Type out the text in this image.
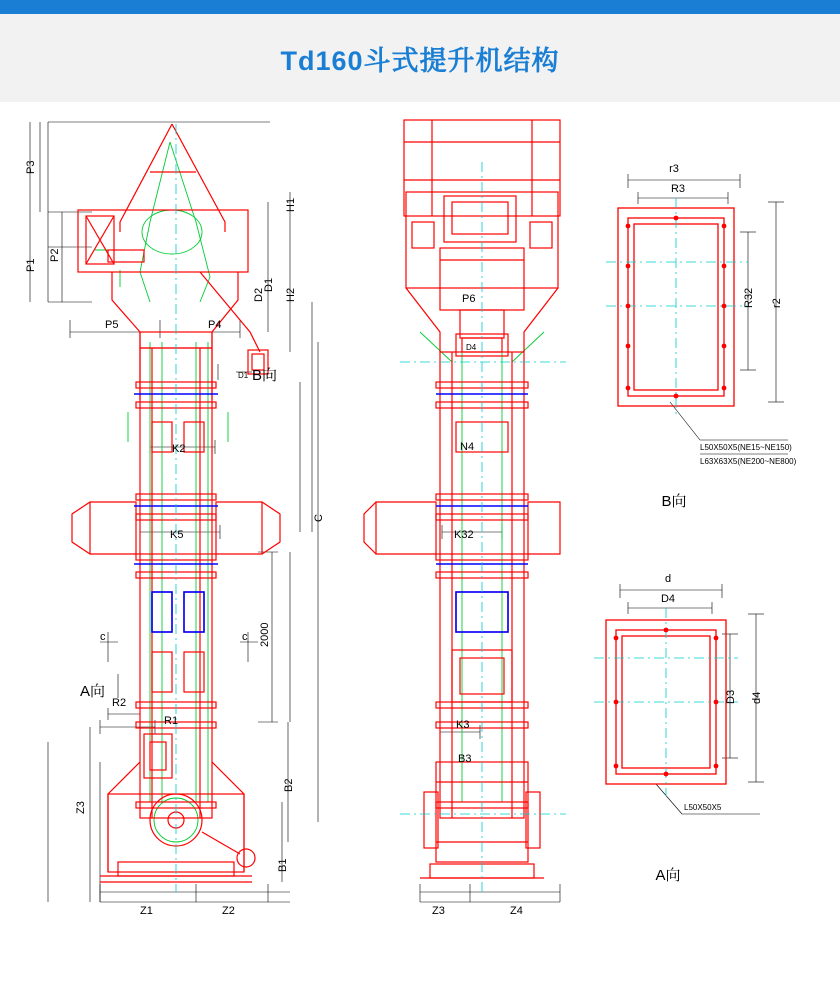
Td160斗式提升机结构
P3
P1
P2
P5	P4
H1
H2
D1
D2
D1
K2
K5
C
2000
c	c
A向
B向
R2
R1
Z3
Z1	Z2
B2
B1
P6
D4
N4
K32
K3
B3
Z3	Z4
r3
R3
R32 r2
L50X50X5(NE15~NE150)
L63X63X5(NE200~NE800)
B向
d
D4
D3 d4
L50X50X5
A向
